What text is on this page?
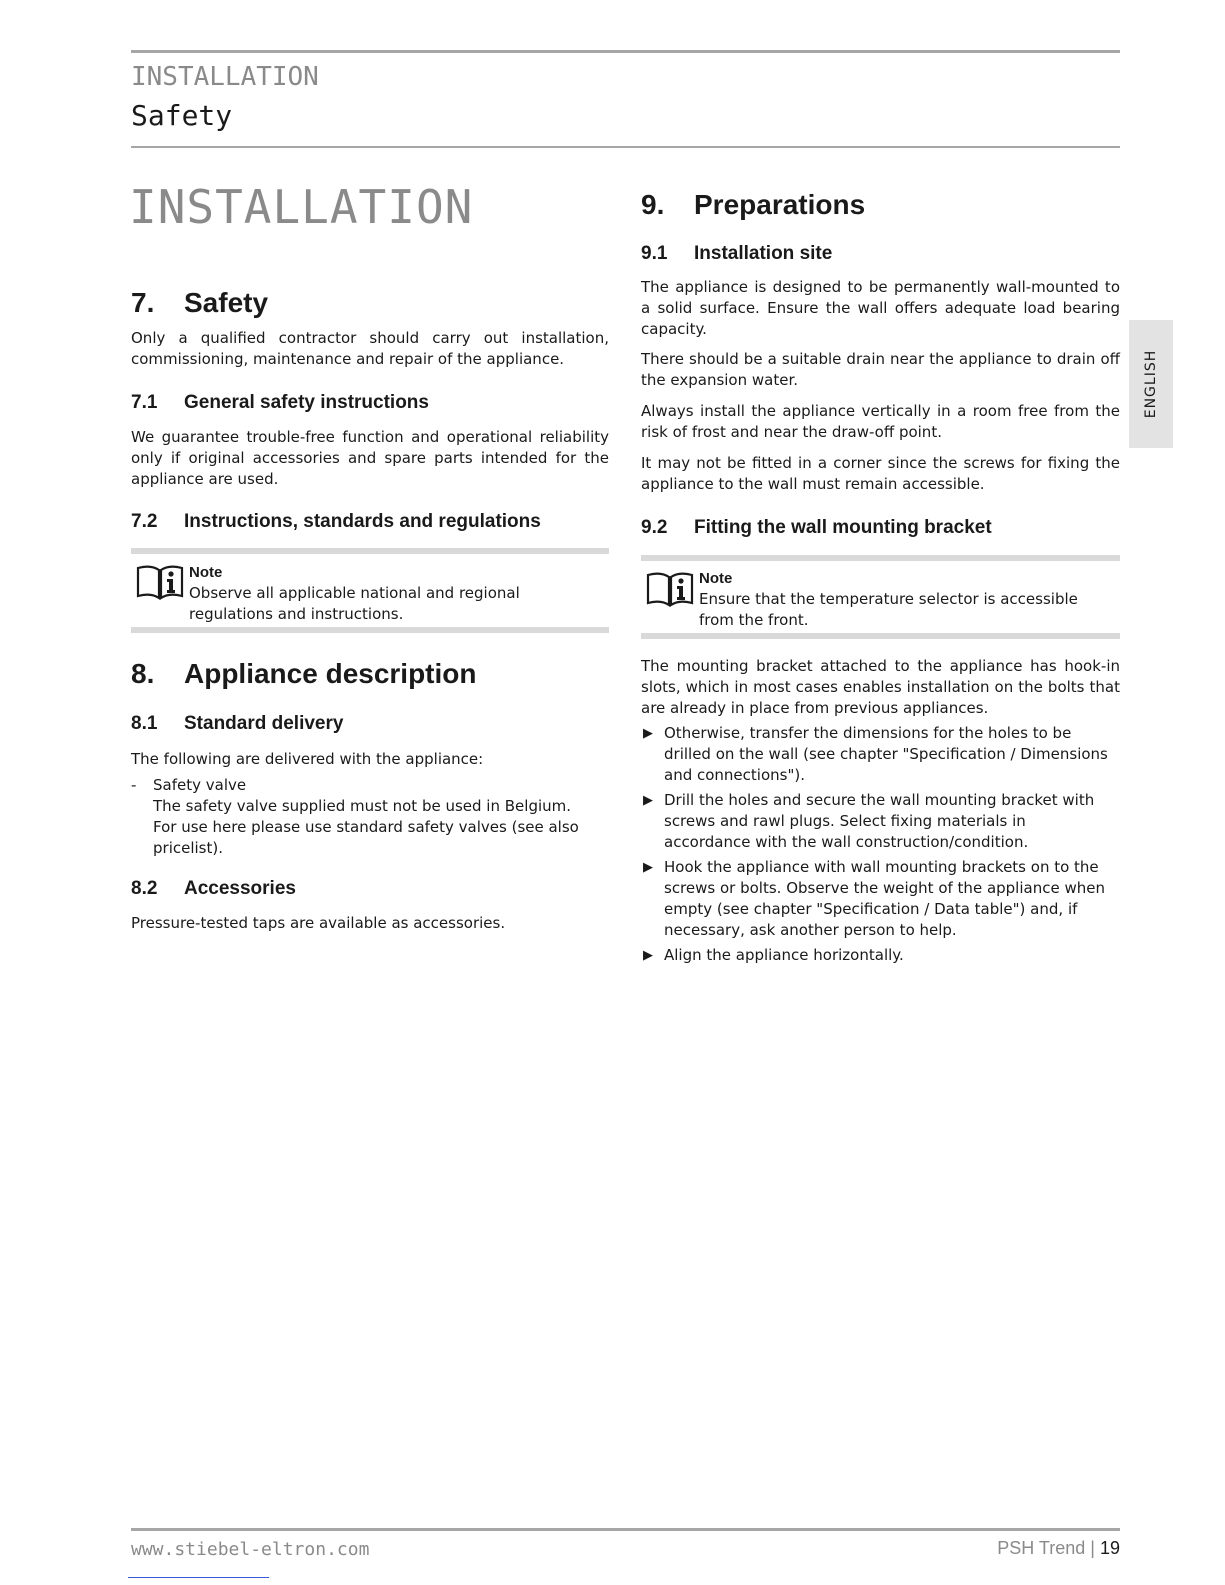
INSTALLATION
Safety
INSTALLATION
ENGLISH
7. Safety
Only a qualified contractor should carry out installation, commissioning, maintenance and repair of the appliance.
7.1 General safety instructions
We guarantee trouble-free function and operational reliability only if original accessories and spare parts intended for the appliance are used.
7.2 Instructions, standards and regulations
Note
Observe all applicable national and regional regulations and instructions.
8. Appliance description
8.1 Standard delivery
The following are delivered with the appliance:
- Safety valve
The safety valve supplied must not be used in Belgium. For use here please use standard safety valves (see also pricelist).
8.2 Accessories
Pressure-tested taps are available as accessories.
9. Preparations
9.1 Installation site
The appliance is designed to be permanently wall-mounted to a solid surface. Ensure the wall offers adequate load bearing capacity.
There should be a suitable drain near the appliance to drain off the expansion water.
Always install the appliance vertically in a room free from the risk of frost and near the draw-off point.
It may not be fitted in a corner since the screws for fixing the appliance to the wall must remain accessible.
9.2 Fitting the wall mounting bracket
Note
Ensure that the temperature selector is accessible from the front.
The mounting bracket attached to the appliance has hook-in slots, which in most cases enables installation on the bolts that are already in place from previous appliances.
▶ Otherwise, transfer the dimensions for the holes to be drilled on the wall (see chapter "Specification / Dimensions and connections").
▶ Drill the holes and secure the wall mounting bracket with screws and rawl plugs. Select fixing materials in accordance with the wall construction/condition.
▶ Hook the appliance with wall mounting brackets on to the screws or bolts. Observe the weight of the appliance when empty (see chapter "Specification / Data table") and, if necessary, ask another person to help.
▶ Align the appliance horizontally.
www.stiebel-eltron.com	PSH Trend | 19
